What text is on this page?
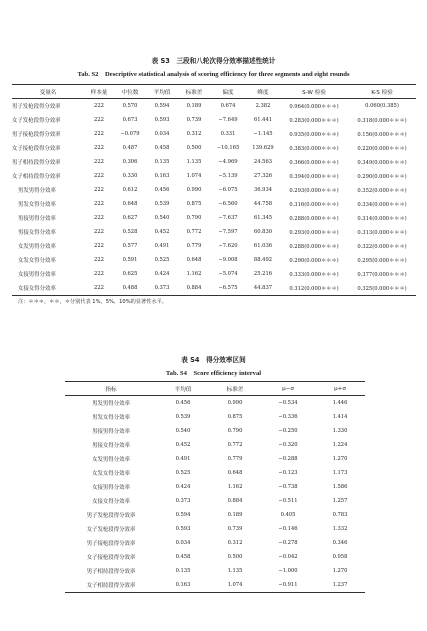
表 S3　三段和八轮次得分效率描述性统计
Tab. S2　Descriptive statistical analysis of scoring efficiency for three segments and eight rounds
变量名	样本量	中位数	平均值	标准差	偏度	峰度	S-W 检验	K-S 检验
男子发枪段得分效率	222	0.570	0.594	0.189	0.674	2.382	0.964(0.000＊＊＊)	0.060(0.385)
女子发枪段得分效率	222	0.673	0.593	0.739	−7.649	61.441	0.283(0.000＊＊＊)	0.318(0.000＊＊＊)
男子接枪段得分效率	222	−0.079	0.034	0.312	0.331	−1.145	0.935(0.000＊＊＊)	0.156(0.000＊＊＊)
女子接枪段得分效率	222	0.487	0.458	0.500	−10.165	139.629	0.383(0.000＊＊＊)	0.220(0.000＊＊＊)
男子相持段得分效率	222	0.306	0.135	1.135	−4.969	24.563	0.366(0.000＊＊＊)	0.349(0.000＊＊＊)
女子相持段得分效率	222	0.330	0.163	1.074	−5.139	27.326	0.394(0.000＊＊＊)	0.290(0.000＊＊＊)
男发男得分效率	222	0.612	0.456	0.990	−6.075	36.934	0.293(0.000＊＊＊)	0.352(0.000＊＊＊)
男发女得分效率	222	0.648	0.539	0.875	−6.560	44.758	0.316(0.000＊＊＊)	0.334(0.000＊＊＊)
男接男得分效率	222	0.627	0.540	0.790	−7.637	61.345	0.288(0.000＊＊＊)	0.314(0.000＊＊＊)
男接女得分效率	222	0.528	0.452	0.772	−7.597	60.830	0.293(0.000＊＊＊)	0.313(0.000＊＊＊)
女发男得分效率	222	0.577	0.491	0.779	−7.620	61.036	0.288(0.000＊＊＊)	0.322(0.000＊＊＊)
女发女得分效率	222	0.591	0.525	0.648	−9.008	88.492	0.290(0.000＊＊＊)	0.295(0.000＊＊＊)
女接男得分效率	222	0.625	0.424	1.162	−5.074	25.216	0.333(0.000＊＊＊)	0.377(0.000＊＊＊)
女接女得分效率	222	0.488	0.373	0.884	−6.575	44.837	0.312(0.000＊＊＊)	0.325(0.000＊＊＊)
注：＊＊＊，＊＊，＊分别代表 1%，5%，10%的显著性水平。
表 S4　得分效率区间
Tab. S4　Score efficiency interval
指标	平均值	标准差	μ−σ	μ+σ
男发男得分效率	0.456	0.990	−0.534	1.446
男发女得分效率	0.539	0.875	−0.336	1.414
男接男得分效率	0.540	0.790	−0.250	1.330
男接女得分效率	0.452	0.772	−0.320	1.224
女发男得分效率	0.491	0.779	−0.288	1.270
女发女得分效率	0.525	0.648	−0.123	1.173
女接男得分效率	0.424	1.162	−0.738	1.586
女接女得分效率	0.373	0.884	−0.511	1.257
男子发枪段得分效率	0.594	0.189	0.405	0.783
女子发枪段得分效率	0.593	0.739	−0.146	1.332
男子接枪段得分效率	0.034	0.312	−0.278	0.346
女子接枪段得分效率	0.458	0.500	−0.042	0.958
男子相持段得分效率	0.135	1.135	−1.000	1.270
女子相持段得分效率	0.163	1.074	−0.911	1.237
